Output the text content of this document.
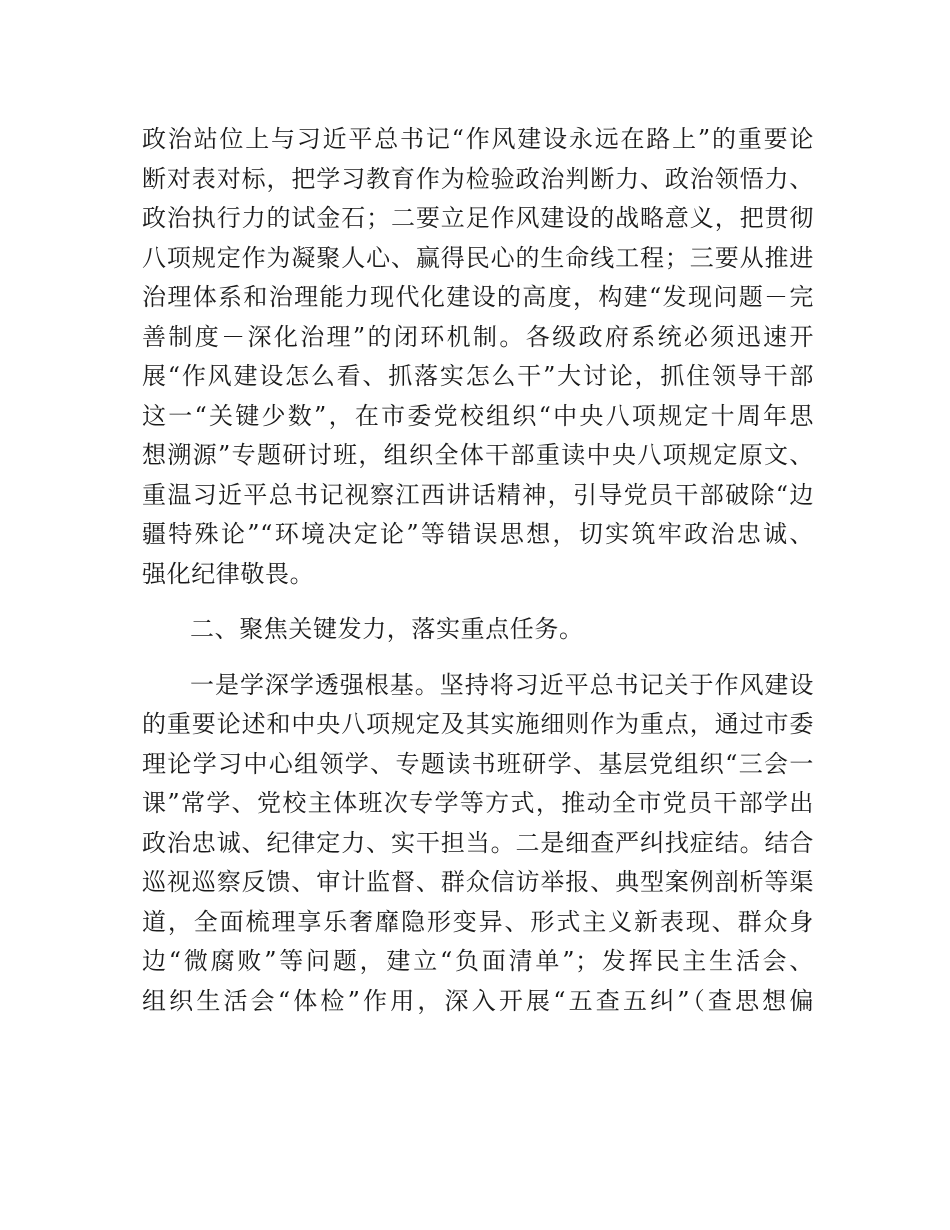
政治站位上与习近平总书记“作风建设永远在路上”的重要论
断对表对标，把学习教育作为检验政治判断力、政治领悟力、
政治执行力的试金石；二要立足作风建设的战略意义，把贯彻
八项规定作为凝聚人心、赢得民心的生命线工程；三要从推进
治理体系和治理能力现代化建设的高度，构建“发现问题－完
善制度－深化治理”的闭环机制。各级政府系统必须迅速开
展“作风建设怎么看、抓落实怎么干”大讨论，抓住领导干部
这一“关键少数”，在市委党校组织“中央八项规定十周年思
想溯源”专题研讨班，组织全体干部重读中央八项规定原文、
重温习近平总书记视察江西讲话精神，引导党员干部破除“边
疆特殊论”“环境决定论”等错误思想，切实筑牢政治忠诚、
强化纪律敬畏。
二、聚焦关键发力，落实重点任务。
一是学深学透强根基。坚持将习近平总书记关于作风建设
的重要论述和中央八项规定及其实施细则作为重点，通过市委
理论学习中心组领学、专题读书班研学、基层党组织“三会一
课”常学、党校主体班次专学等方式，推动全市党员干部学出
政治忠诚、纪律定力、实干担当。二是细查严纠找症结。结合
巡视巡察反馈、审计监督、群众信访举报、典型案例剖析等渠
道，全面梳理享乐奢靡隐形变异、形式主义新表现、群众身
边“微腐败”等问题，建立“负面清单”；发挥民主生活会、
组织生活会“体检”作用，深入开展“五查五纠”（查思想偏
